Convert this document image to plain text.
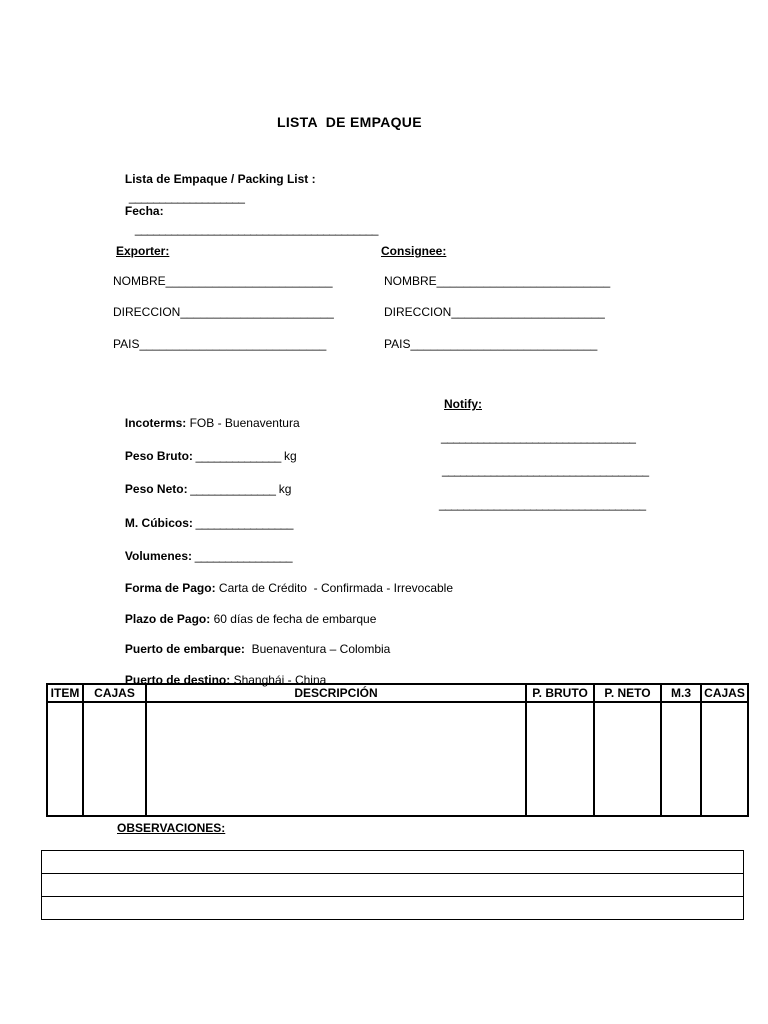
LISTA  DE EMPAQUE

Lista de Empaque / Packing List :
___________________

Fecha:
________________________________________

Exporter:
NOMBRE_________________________
DIRECCION_______________________
PAIS____________________________
Consignee:
NOMBRE__________________________
DIRECCION_______________________
PAIS____________________________

Incoterms: FOB - Buenaventura

Peso Bruto: ______________ kg

Peso Neto: ______________ kg

M. Cúbicos: ________________

Volumenes: ________________

Forma de Pago: Carta de Crédito  - Confirmada - Irrevocable

Plazo de Pago: 60 días de fecha de embarque

Puerto de embarque:  Buenaventura – Colombia

Puerto de destino: Shanghái - China

Notify:
________________________________
__________________________________
__________________________________
ITEM	CAJAS	DESCRIPCIÓN	P. BRUTO	P. NETO	M.3	CAJAS

OBSERVACIONES:
